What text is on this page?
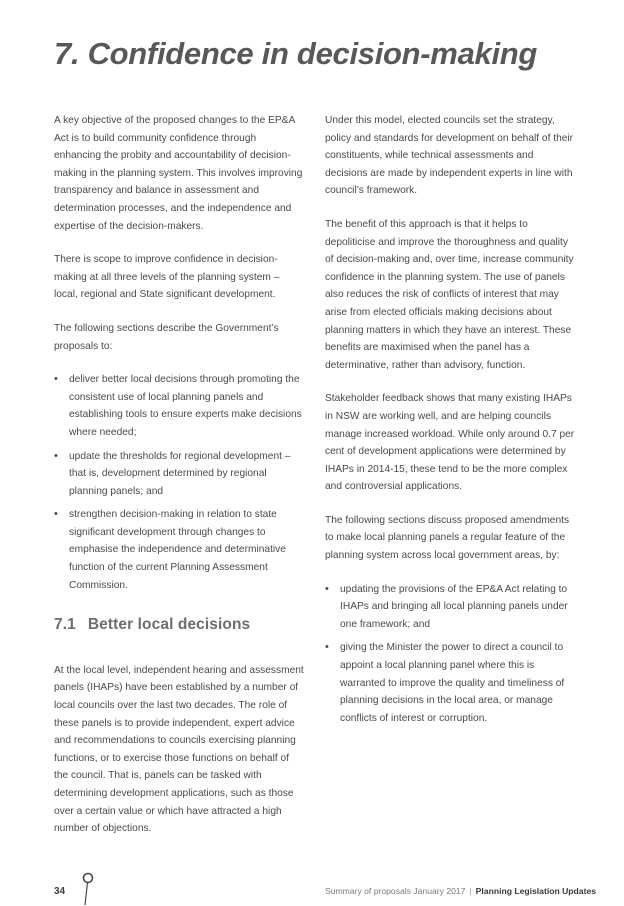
7. Confidence in decision-making

A key objective of the proposed changes to the EP&A Act is to build community confidence through enhancing the probity and accountability of decision-making in the planning system. This involves improving transparency and balance in assessment and determination processes, and the independence and expertise of the decision-makers.

There is scope to improve confidence in decision-making at all three levels of the planning system – local, regional and State significant development.

The following sections describe the Government’s proposals to:

• deliver better local decisions through promoting the consistent use of local planning panels and establishing tools to ensure experts make decisions where needed;
• update the thresholds for regional development – that is, development determined by regional planning panels; and
• strengthen decision-making in relation to state significant development through changes to emphasise the independence and determinative function of the current Planning Assessment Commission.
7.1 Better local decisions

At the local level, independent hearing and assessment panels (IHAPs) have been established by a number of local councils over the last two decades. The role of these panels is to provide independent, expert advice and recommendations to councils exercising planning functions, or to exercise those functions on behalf of the council. That is, panels can be tasked with determining development applications, such as those over a certain value or which have attracted a high number of objections.

Under this model, elected councils set the strategy, policy and standards for development on behalf of their constituents, while technical assessments and decisions are made by independent experts in line with council’s framework.

The benefit of this approach is that it helps to depoliticise and improve the thoroughness and quality of decision-making and, over time, increase community confidence in the planning system. The use of panels also reduces the risk of conflicts of interest that may arise from elected officials making decisions about planning matters in which they have an interest. These benefits are maximised when the panel has a determinative, rather than advisory, function.

Stakeholder feedback shows that many existing IHAPs in NSW are working well, and are helping councils manage increased workload. While only around 0.7 per cent of development applications were determined by IHAPs in 2014-15, these tend to be the more complex and controversial applications.

The following sections discuss proposed amendments to make local planning panels a regular feature of the planning system across local government areas, by:

• updating the provisions of the EP&A Act relating to IHAPs and bringing all local planning panels under one framework; and
• giving the Minister the power to direct a council to appoint a local planning panel where this is warranted to improve the quality and timeliness of planning decisions in the local area, or manage conflicts of interest or corruption.
34	Summary of proposals January 2017 | Planning Legislation Updates
